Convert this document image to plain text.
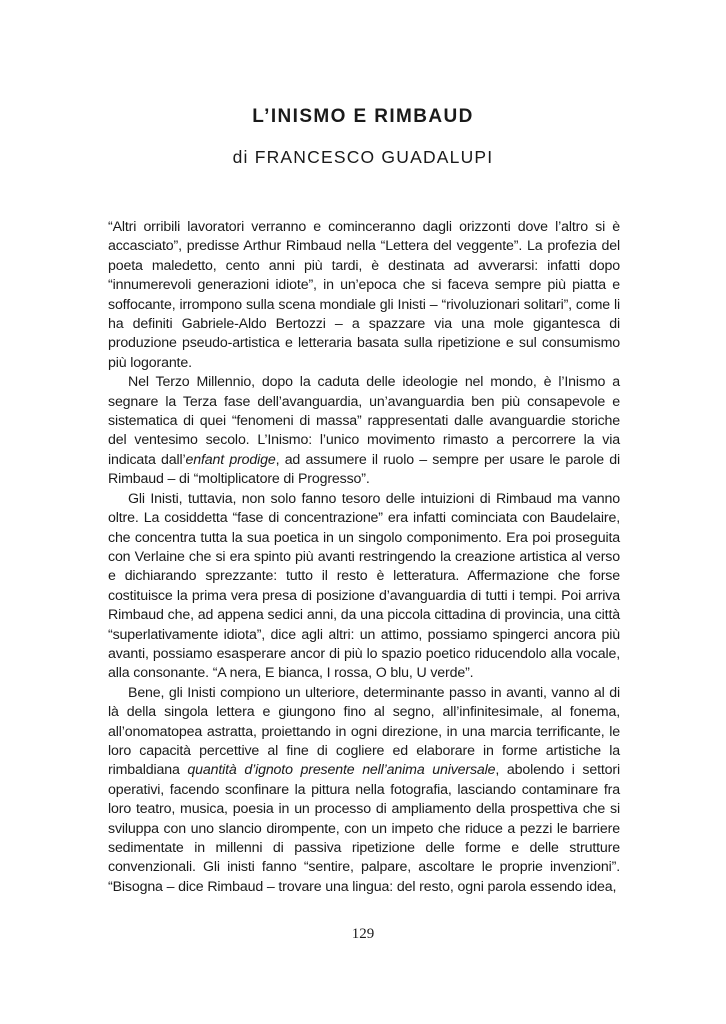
L’INISMO E RIMBAUD
di FRANCESCO GUADALUPI

“Altri orribili lavoratori verranno e cominceranno dagli orizzonti dove l’altro si è accasciato”, predisse Arthur Rimbaud nella “Lettera del veggente”. La profezia del poeta maledetto, cento anni più tardi, è destinata ad avverarsi: infatti dopo “innumerevoli generazioni idiote”, in un’epoca che si faceva sempre più piatta e soffocante, irrompono sulla scena mondiale gli Inisti – “rivoluzionari solitari”, come li ha definiti Gabriele-Aldo Bertozzi – a spazzare via una mole gigantesca di produzione pseudo-artistica e letteraria basata sulla ripetizione e sul consumismo più logorante.

Nel Terzo Millennio, dopo la caduta delle ideologie nel mondo, è l’Inismo a segnare la Terza fase dell’avanguardia, un’avanguardia ben più consapevole e sistematica di quei “fenomeni di massa” rappresentati dalle avanguardie storiche del ventesimo secolo. L’Inismo: l’unico movimento rimasto a percorrere la via indicata dall’enfant prodige, ad assumere il ruolo – sempre per usare le parole di Rimbaud – di “moltiplicatore di Progresso”.

Gli Inisti, tuttavia, non solo fanno tesoro delle intuizioni di Rimbaud ma vanno oltre. La cosiddetta “fase di concentrazione” era infatti cominciata con Baudelaire, che concentra tutta la sua poetica in un singolo componimento. Era poi proseguita con Verlaine che si era spinto più avanti restringendo la creazione artistica al verso e dichiarando sprezzante: tutto il resto è letteratura. Affermazione che forse costituisce la prima vera presa di posizione d’avanguardia di tutti i tempi. Poi arriva Rimbaud che, ad appena sedici anni, da una piccola cittadina di provincia, una città “superlativamente idiota”, dice agli altri: un attimo, possiamo spingerci ancora più avanti, possiamo esasperare ancor di più lo spazio poetico riducendolo alla vocale, alla consonante. “A nera, E bianca, I rossa, O blu, U verde”.

Bene, gli Inisti compiono un ulteriore, determinante passo in avanti, vanno al di là della singola lettera e giungono fino al segno, all’infinitesimale, al fonema, all’onomatopea astratta, proiettando in ogni direzione, in una marcia terrificante, le loro capacità percettive al fine di cogliere ed elaborare in forme artistiche la rimbaldiana quantità d’ignoto presente nell’anima universale, abolendo i settori operativi, facendo sconfinare la pittura nella fotografia, lasciando contaminare fra loro teatro, musica, poesia in un processo di ampliamento della prospettiva che si sviluppa con uno slancio dirompente, con un impeto che riduce a pezzi le barriere sedimentate in millenni di passiva ripetizione delle forme e delle strutture convenzionali. Gli inisti fanno “sentire, palpare, ascoltare le proprie invenzioni”. “Bisogna – dice Rimbaud – trovare una lingua: del resto, ogni parola essendo idea,

129
